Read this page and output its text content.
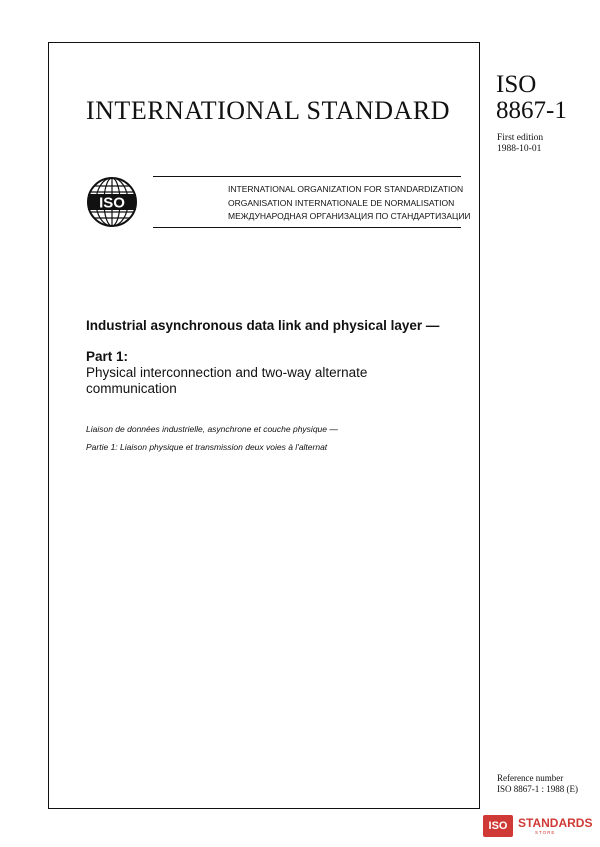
INTERNATIONAL STANDARD
ISO
8867-1
First edition
1988-10-01
ISO
INTERNATIONAL ORGANIZATION FOR STANDARDIZATION
ORGANISATION INTERNATIONALE DE NORMALISATION
МЕЖДУНАРОДНАЯ ОРГАНИЗАЦИЯ ПО СТАНДАРТИЗАЦИИ
Industrial asynchronous data link and physical layer —
Part 1:
Physical interconnection and two-way alternate communication
Liaison de données industrielle, asynchrone et couche physique —
Partie 1: Liaison physique et transmission deux voies à l'alternat
Reference number
ISO 8867-1 : 1988 (E)
ISO STANDARDS
STORE
